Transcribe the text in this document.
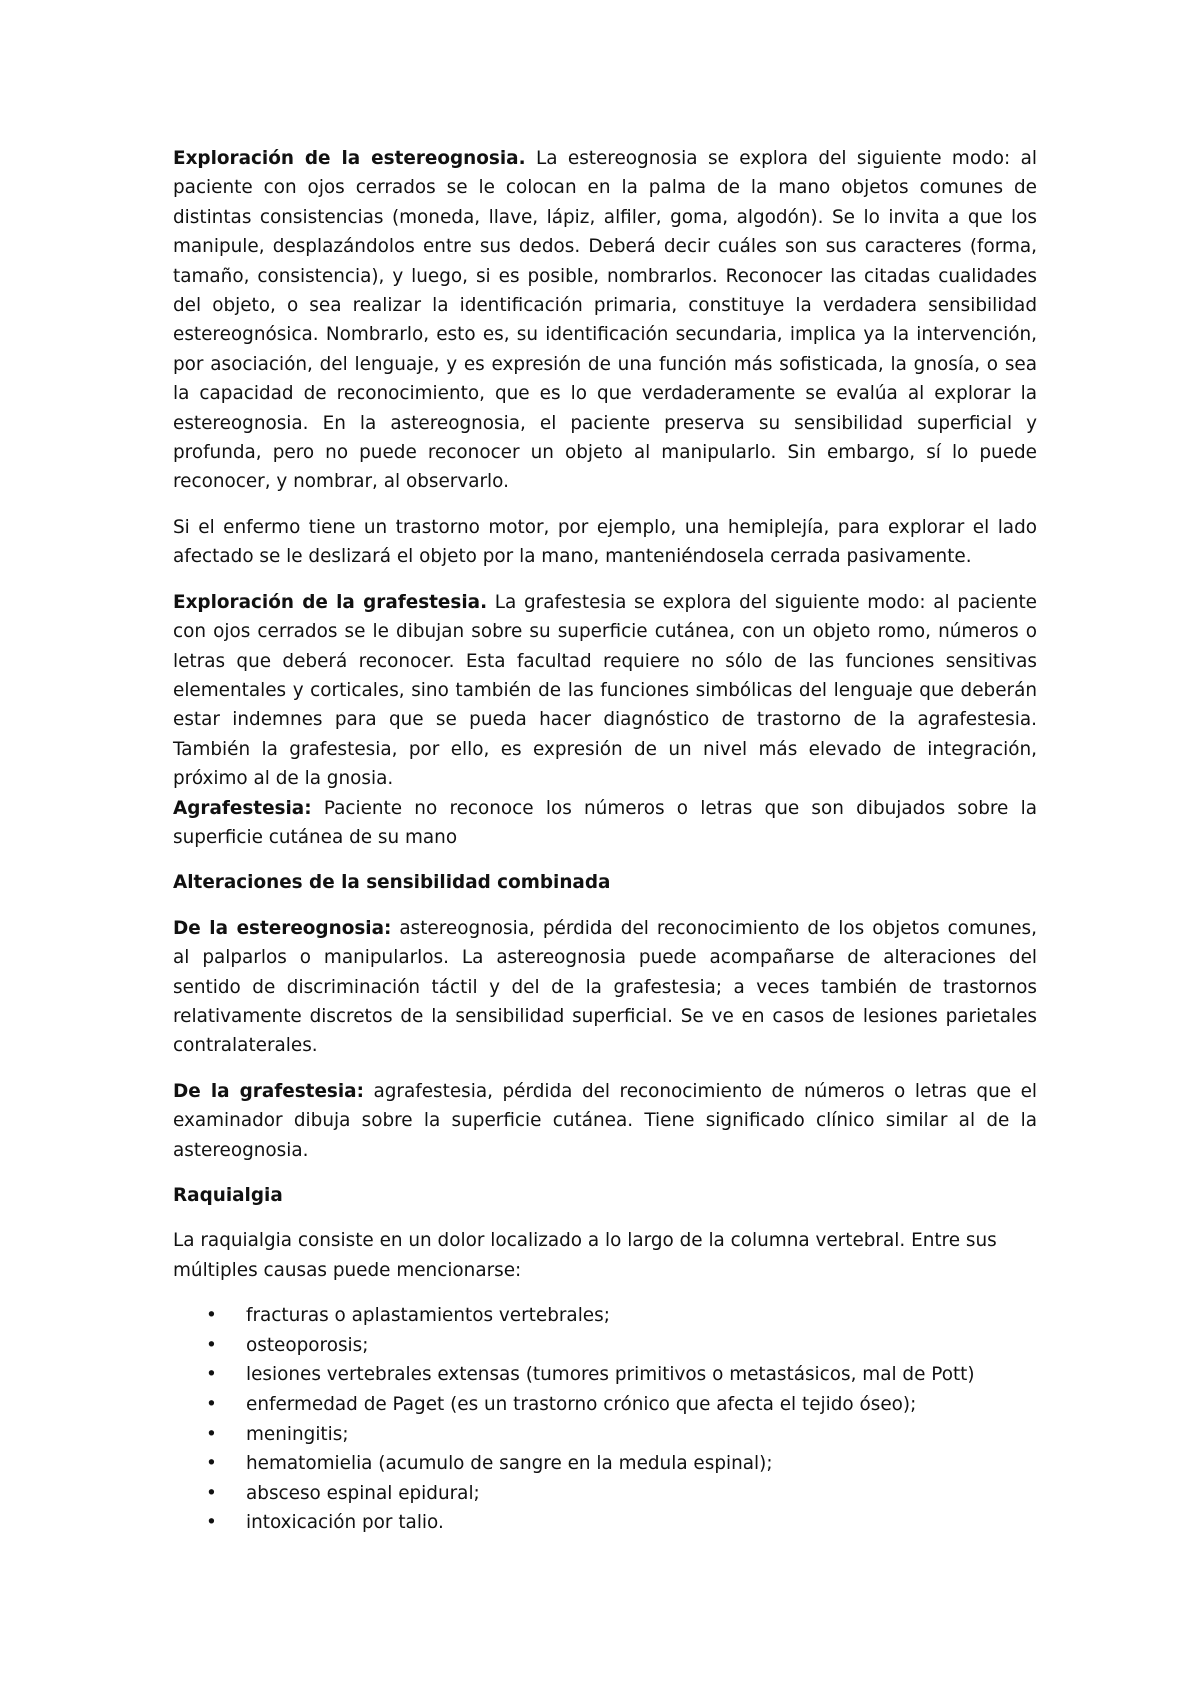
Exploración de la estereognosia. La estereognosia se explora del siguiente modo: al paciente con ojos cerrados se le colocan en la palma de la mano objetos comunes de distintas consistencias (moneda, llave, lápiz, alfiler, goma, algodón). Se lo invita a que los manipule, desplazándolos entre sus dedos. Deberá decir cuáles son sus caracteres (forma, tamaño, consistencia), y luego, si es posible, nombrarlos. Reconocer las citadas cualidades del objeto, o sea realizar la identificación primaria, constituye la verdadera sensibilidad estereognósica. Nombrarlo, esto es, su identificación secundaria, implica ya la intervención, por asociación, del lenguaje, y es expresión de una función más sofisticada, la gnosía, o sea la capacidad de reconocimiento, que es lo que verdaderamente se evalúa al explorar la estereognosia. En la astereognosia, el paciente preserva su sensibilidad superficial y profunda, pero no puede reconocer un objeto al manipularlo. Sin embargo, sí lo puede reconocer, y nombrar, al observarlo.

Si el enfermo tiene un trastorno motor, por ejemplo, una hemiplejía, para explorar el lado afectado se le deslizará el objeto por la mano, manteniéndosela cerrada pasivamente.

Exploración de la grafestesia. La grafestesia se explora del siguiente modo: al paciente con ojos cerrados se le dibujan sobre su superficie cutánea, con un objeto romo, números o letras que deberá reconocer. Esta facultad requiere no sólo de las funciones sensitivas elementales y corticales, sino también de las funciones simbólicas del lenguaje que deberán estar indemnes para que se pueda hacer diagnóstico de trastorno de la agrafestesia. También la grafestesia, por ello, es expresión de un nivel más elevado de integración, próximo al de la gnosia.

Agrafestesia: Paciente no reconoce los números o letras que son dibujados sobre la superficie cutánea de su mano

Alteraciones de la sensibilidad combinada

De la estereognosia: astereognosia, pérdida del reconocimiento de los objetos comunes, al palparlos o manipularlos. La astereognosia puede acompañarse de alteraciones del sentido de discriminación táctil y del de la grafestesia; a veces también de trastornos relativamente discretos de la sensibilidad superficial. Se ve en casos de lesiones parietales contralaterales.

De la grafestesia: agrafestesia, pérdida del reconocimiento de números o letras que el examinador dibuja sobre la superficie cutánea. Tiene significado clínico similar al de la astereognosia.

Raquialgia

La raquialgia consiste en un dolor localizado a lo largo de la columna vertebral. Entre sus múltiples causas puede mencionarse:

• fracturas o aplastamientos vertebrales;
• osteoporosis;
• lesiones vertebrales extensas (tumores primitivos o metastásicos, mal de Pott)
• enfermedad de Paget (es un trastorno crónico que afecta el tejido óseo);
• meningitis;
• hematomielia (acumulo de sangre en la medula espinal);
• absceso espinal epidural;
• intoxicación por talio.
